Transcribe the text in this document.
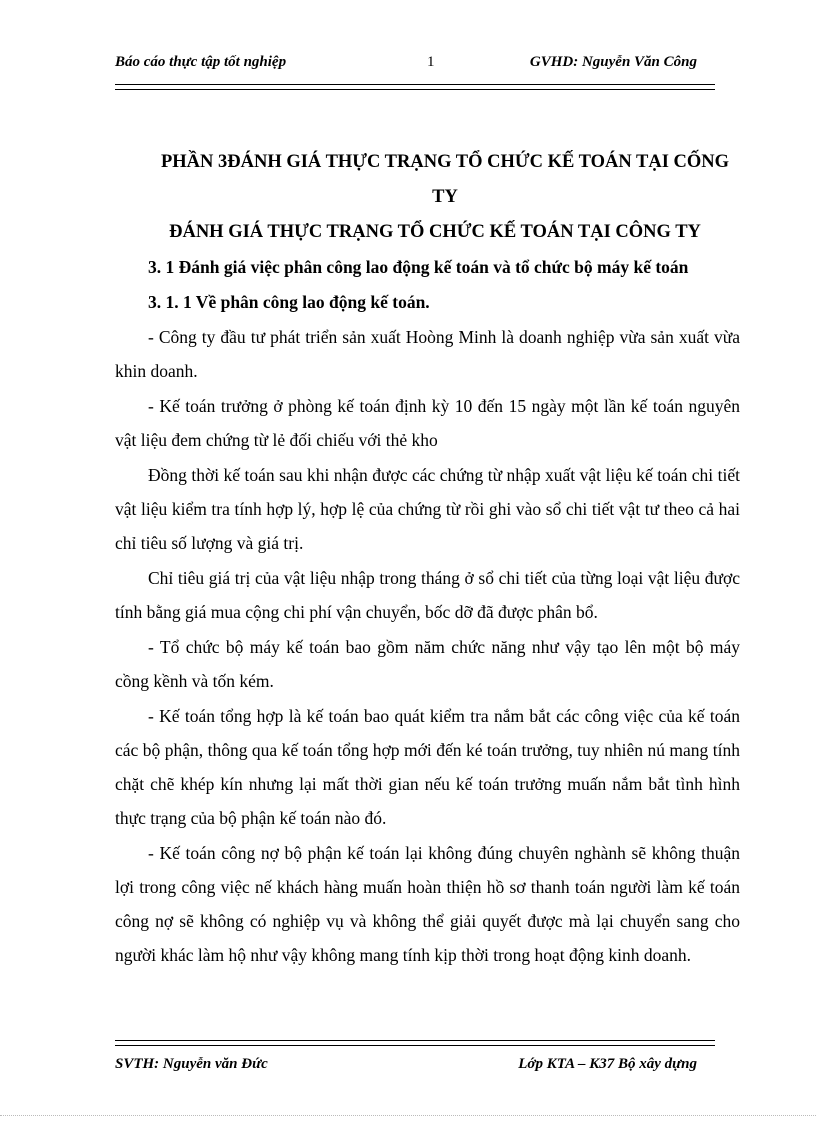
Báo cáo thực tập tốt nghiệp	1	GVHD: Nguyễn Văn Công

PHẦN 3ĐÁNH GIÁ THỰC TRẠNG TỔ CHỨC KẾ TOÁN TẠI CỐNG

TY

ĐÁNH GIÁ THỰC TRẠNG TỔ CHỨC KẾ TOÁN TẠI CÔNG TY

3. 1 Đánh giá việc phân công lao động kế toán và tổ chức bộ máy kế toán

3. 1. 1 Về phân công lao động kế toán.

- Công ty đầu tư phát triển sản xuất Hoòng Minh là doanh nghiệp vừa sản xuất vừa khin doanh.

- Kế toán trưởng ở phòng kế toán định kỳ 10 đến 15 ngày một lần kế toán nguyên vật liệu đem chứng từ lẻ đối chiếu với thẻ kho

Đồng thời kế toán sau khi nhận được các chứng từ nhập xuất vật liệu kế toán chi tiết vật liệu kiểm tra tính hợp lý, hợp lệ của chứng từ rồi ghi vào sổ chi tiết vật tư theo cả hai chỉ tiêu số lượng và giá trị.

Chỉ tiêu giá trị của vật liệu nhập trong tháng ở sổ chi tiết của từng loại vật liệu được tính bằng giá mua cộng chi phí vận chuyển, bốc dỡ đã được phân bổ.

- Tổ chức bộ máy kế toán bao gồm năm chức năng như vậy tạo lên một bộ máy cồng kềnh và tốn kém.

- Kế toán tổng hợp là kế toán bao quát kiểm tra nắm bắt các công việc của kế toán các bộ phận, thông qua kế toán tổng hợp mới đến ké toán trưởng, tuy nhiên nú mang tính chặt chẽ khép kín nhưng lại mất thời gian nếu kế toán trưởng muấn nắm bắt tình hình thực trạng của bộ phận kế toán nào đó.

- Kế toán công nợ bộ phận kế toán lại không đúng chuyên nghành sẽ không thuận lợi trong công việc nế khách hàng muấn hoàn thiện hồ sơ thanh toán người làm kế toán công nợ sẽ không có nghiệp vụ và không thể giải quyết được mà lại chuyển sang cho người khác làm hộ như vậy không mang tính kịp thời trong hoạt động kinh doanh.

SVTH: Nguyễn văn Đức	Lớp KTA – K37 Bộ xây dựng
